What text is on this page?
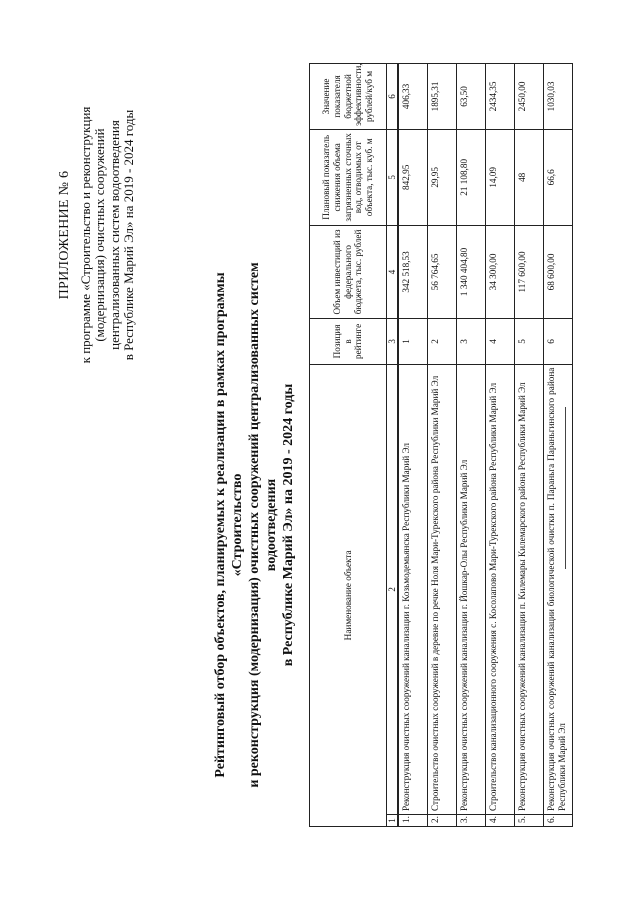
ПРИЛОЖЕНИЕ № 6 к программе «Строительство и реконструкция (модернизация) очистных сооружений централизованных систем водоотведения в Республике Марий Эл» на 2019 - 2024 годы
Рейтинговый отбор объектов, планируемых к реализации в рамках программы «Строительство и реконструкция (модернизация) очистных сооружений централизованных систем водоотведения в Республике Марий Эл» на 2019 - 2024 годы	Наименование объекта		Позиция в рейтинге	Объем инвестиций из федерального бюджета, тыс. рублей	Плановый показатель снижения объема загрязненных сточных вод, отводимых от объекта, тыс. куб. м	Значение показателя бюджетной эффективности, рублей/куб м
1	2	3	4	5	6
1.	Реконструкция очистных сооружений канализации г. Козьмодемьянска Республики Марий Эл	1	342 518,53	842,95	406,33
2.	Строительство очистных сооружений в деревне по речке Ноля Мари-Турекского района Республики Марий Эл	2	56 764,65	29,95	1895,31
3.	Реконструкция очистных сооружений канализации г. Йошкар-Олы Республики Марий Эл	3	1 340 404,80	21 108,80	63,50
4.	Строительство канализационного сооружения с. Косолапово Мари-Турекского района Республики Марий Эл	4	34 300,00	14,09	2434,35
5.	Реконструкция очистных сооружений канализации п. Килемары Килемарского района Республики Марий Эл	5	117 600,00	48	2450,00
6.	Реконструкция очистных сооружений канализации биологической очистки п. Параньга Параньгинского района Республики Марий Эл	6	68 600,00	66,6	1030,03
